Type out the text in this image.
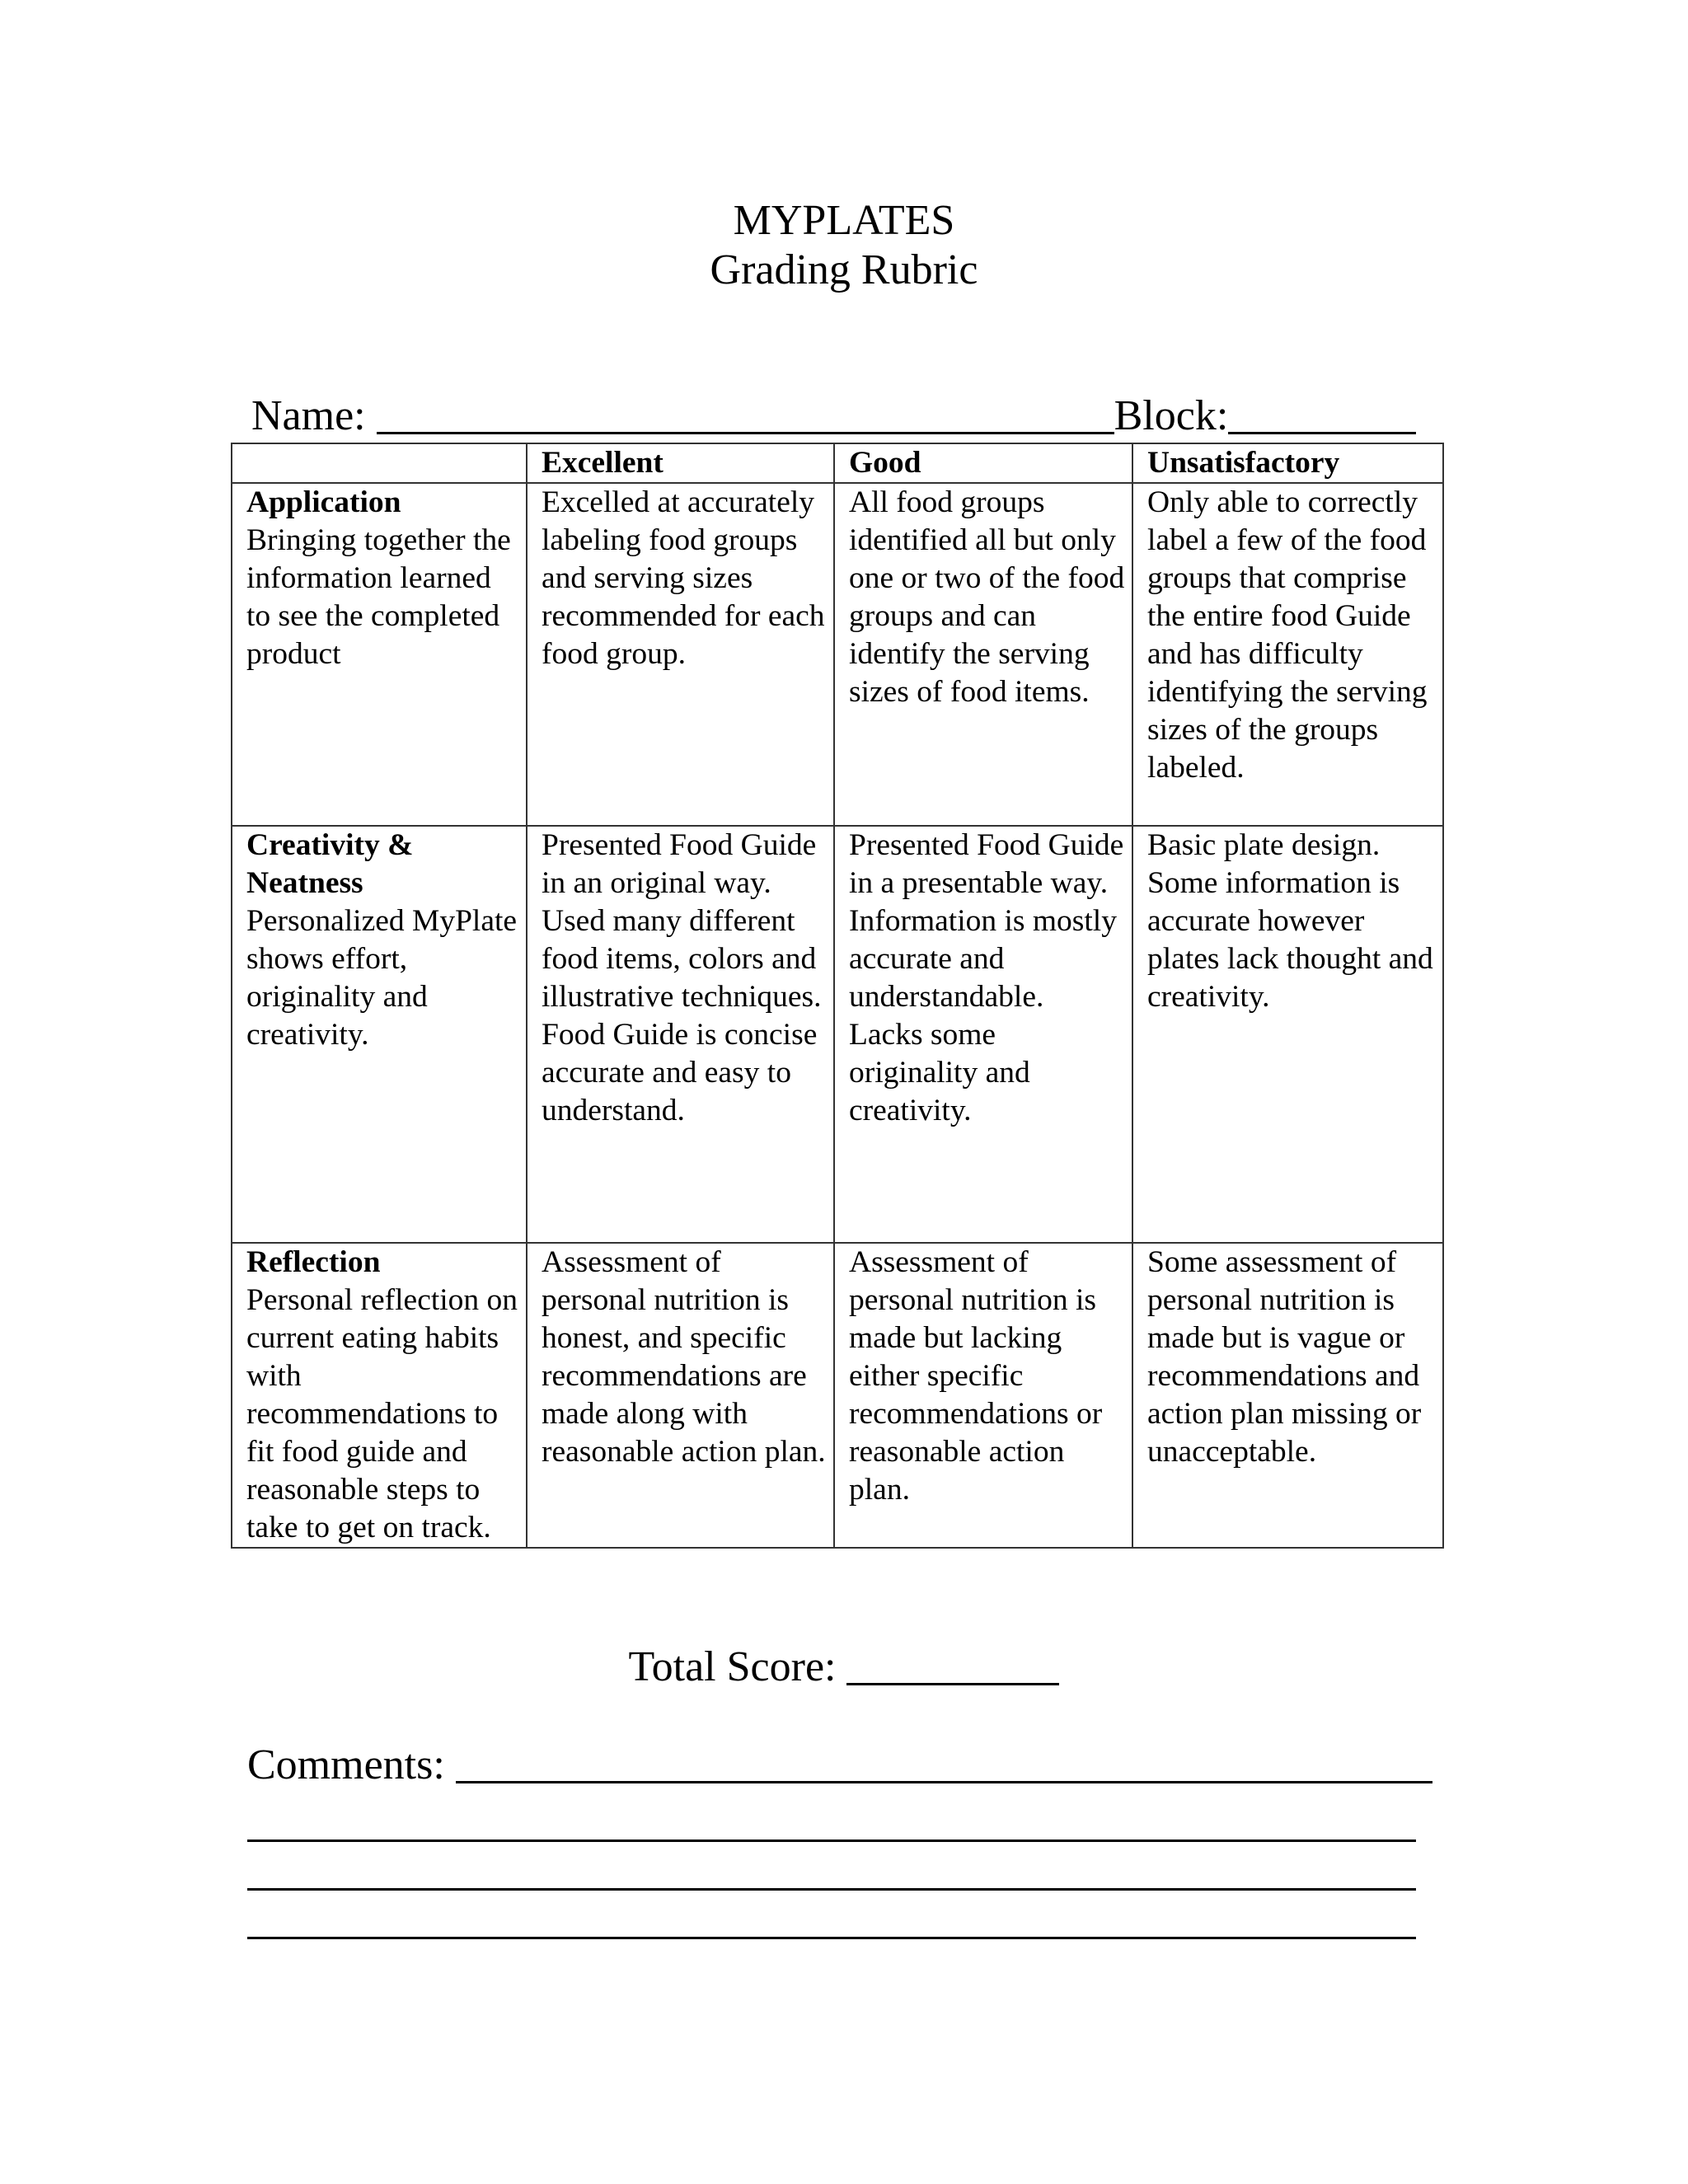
MYPLATES
Grading Rubric
Name:	Block:
	Excellent	Good	Unsatisfactory

Application
Bringing together the information learned to see the completed product	Excelled at accurately labeling food groups and serving sizes recommended for each food group.	All food groups identified all but only one or two of the food groups and can identify the serving sizes of food items.	Only able to correctly label a few of the food groups that comprise the entire food Guide and has difficulty identifying the serving sizes of the groups labeled.

Creativity & Neatness
Personalized MyPlate shows effort, originality and creativity.	Presented Food Guide in an original way. Used many different food items, colors and illustrative techniques. Food Guide is concise accurate and easy to understand.	Presented Food Guide in a presentable way. Information is mostly accurate and understandable. Lacks some originality and creativity.	Basic plate design. Some information is accurate however plates lack thought and creativity.

Reflection
Personal reflection on current eating habits with recommendations to fit food guide and reasonable steps to take to get on track.	Assessment of personal nutrition is honest, and specific recommendations are made along with reasonable action plan.	Assessment of personal nutrition is made but lacking either specific recommendations or reasonable action plan.	Some assessment of personal nutrition is made but is vague or recommendations and action plan missing or unacceptable.
Total Score:
Comments:
